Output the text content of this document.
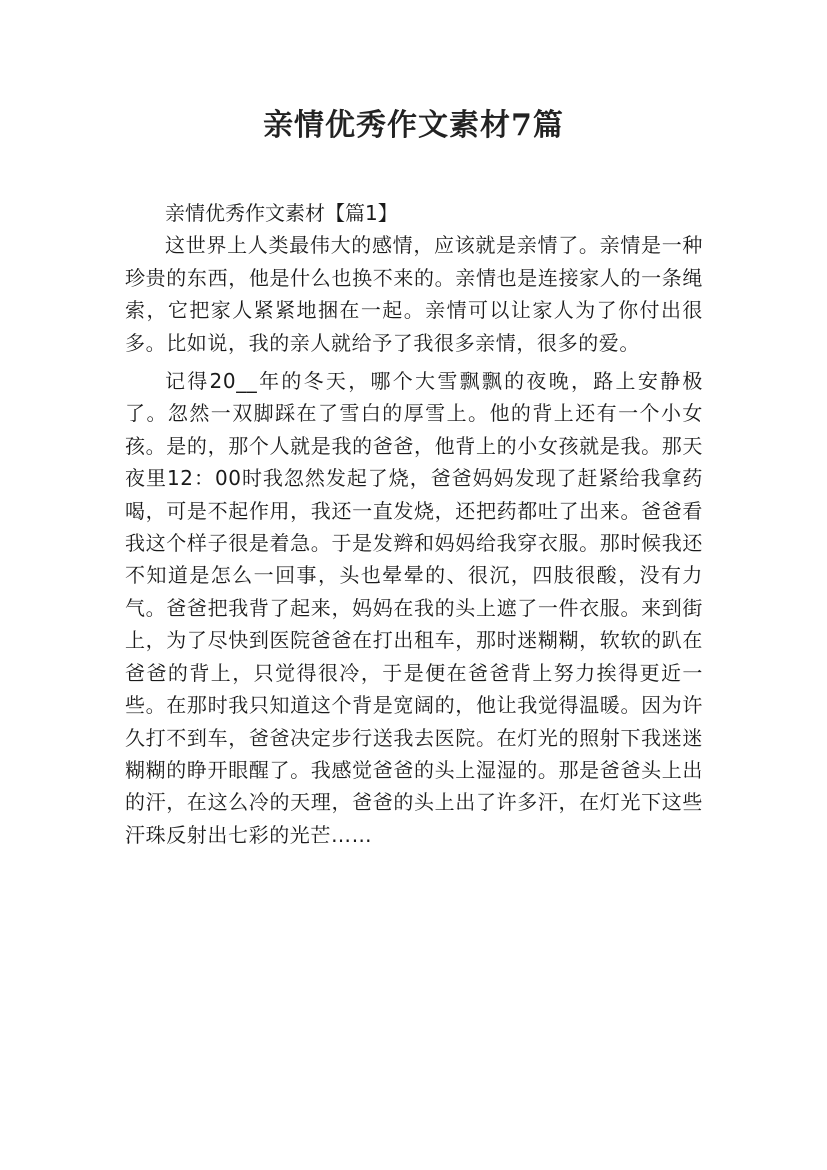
亲情优秀作文素材7篇

亲情优秀作文素材【篇1】

这世界上人类最伟大的感情，应该就是亲情了。亲情是一种珍贵的东西，他是什么也换不来的。亲情也是连接家人的一条绳索，它把家人紧紧地捆在一起。亲情可以让家人为了你付出很多。比如说，我的亲人就给予了我很多亲情，很多的爱。

记得20__年的冬天，哪个大雪飘飘的夜晚，路上安静极了。忽然一双脚踩在了雪白的厚雪上。他的背上还有一个小女孩。是的，那个人就是我的爸爸，他背上的小女孩就是我。那天夜里12：00时我忽然发起了烧，爸爸妈妈发现了赶紧给我拿药喝，可是不起作用，我还一直发烧，还把药都吐了出来。爸爸看我这个样子很是着急。于是发辫和妈妈给我穿衣服。那时候我还不知道是怎么一回事，头也晕晕的、很沉，四肢很酸，没有力气。爸爸把我背了起来，妈妈在我的头上遮了一件衣服。来到街上，为了尽快到医院爸爸在打出租车，那时迷糊糊，软软的趴在爸爸的背上，只觉得很冷，于是便在爸爸背上努力挨得更近一些。在那时我只知道这个背是宽阔的，他让我觉得温暖。因为许久打不到车，爸爸决定步行送我去医院。在灯光的照射下我迷迷糊糊的睁开眼醒了。我感觉爸爸的头上湿湿的。那是爸爸头上出的汗，在这么冷的天理，爸爸的头上出了许多汗，在灯光下这些汗珠反射出七彩的光芒……
